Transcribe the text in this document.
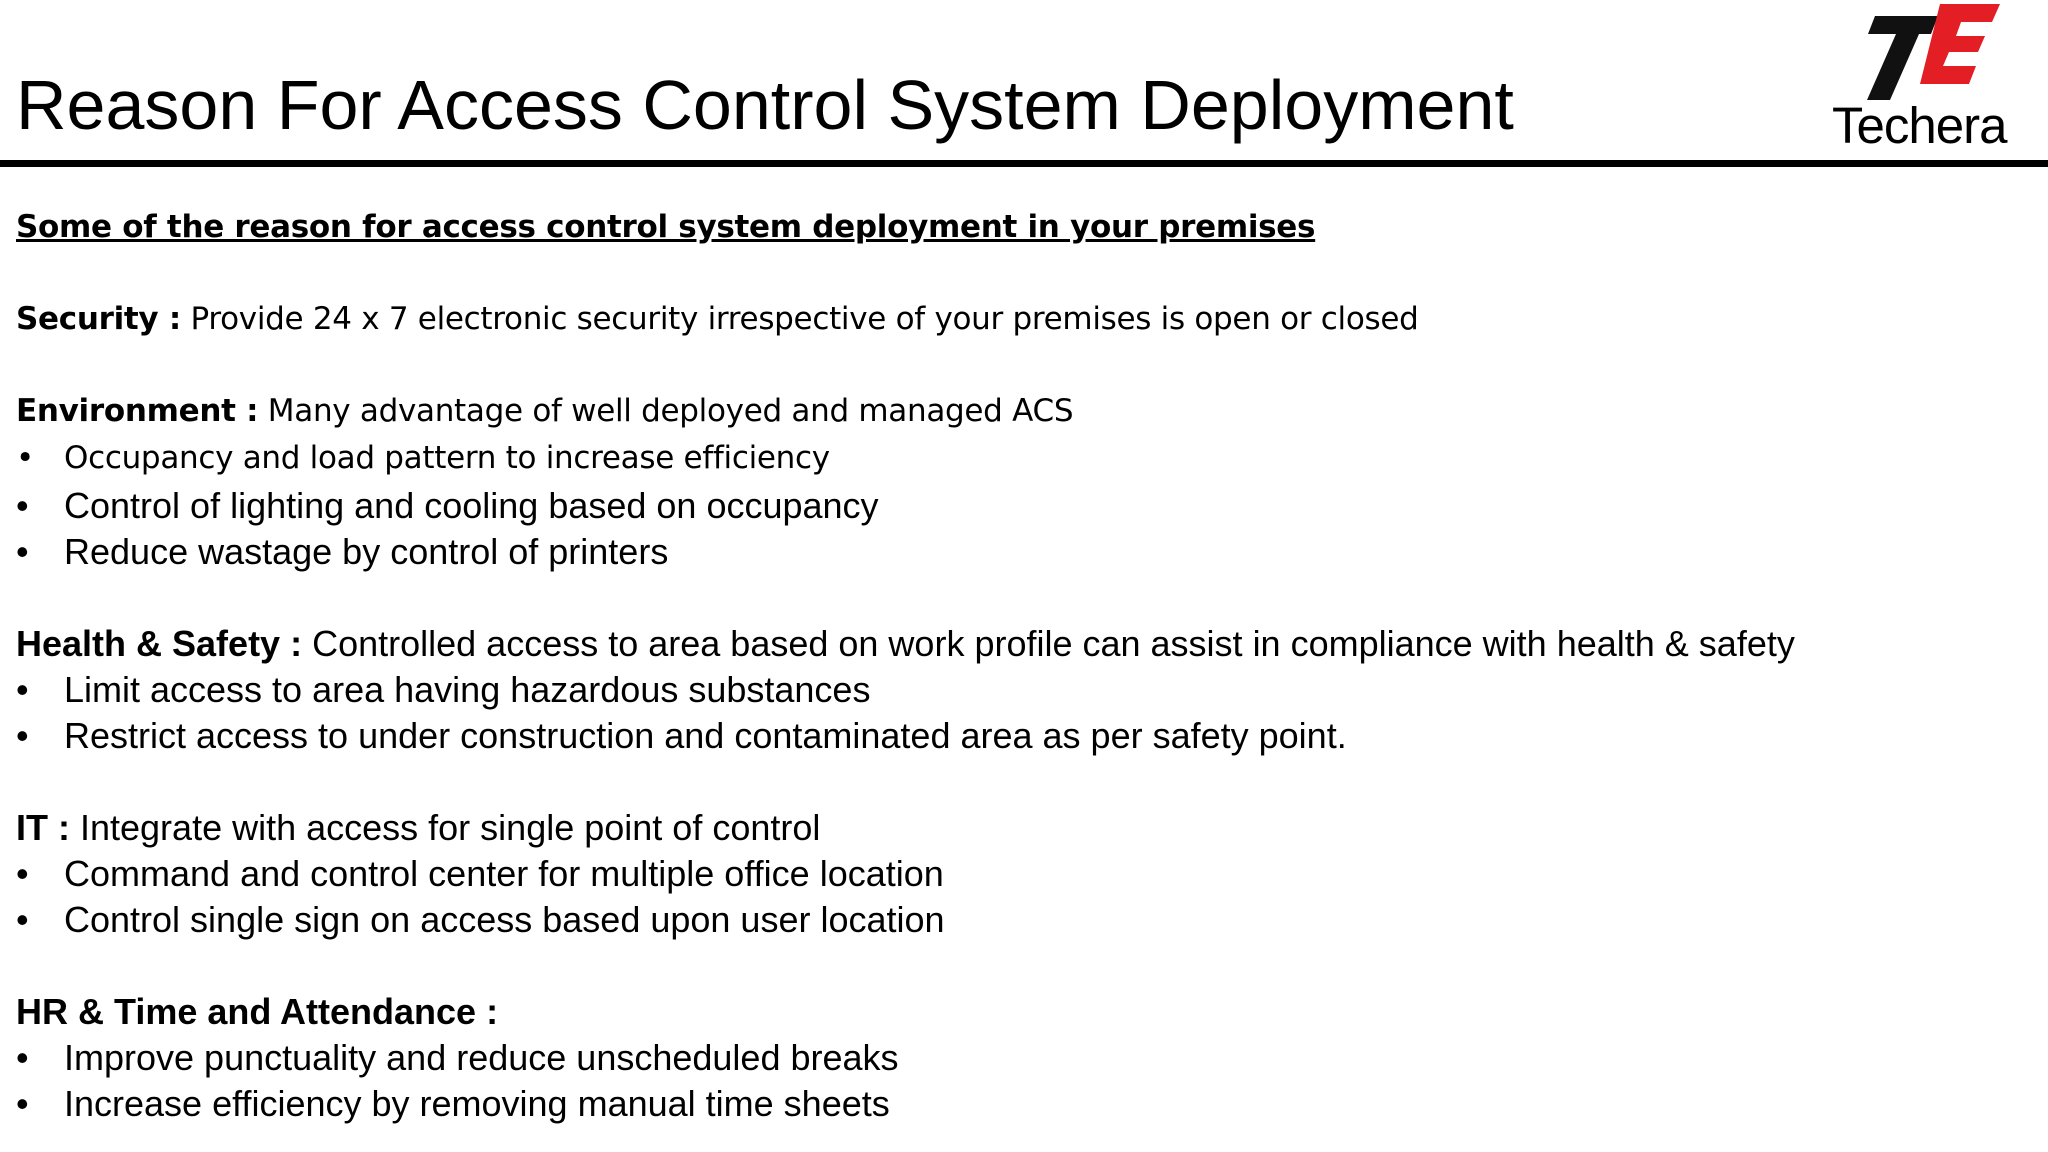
Reason For Access Control System Deployment	Techera
Some of the reason for access control system deployment in your premises
Security : Provide 24 x 7 electronic security irrespective of your premises is open or closed
Environment : Many advantage of well deployed and managed ACS
• Occupancy and load pattern to increase efficiency
• Control of lighting and cooling based on occupancy
• Reduce wastage by control of printers
Health & Safety : Controlled access to area based on work profile can assist in compliance with health & safety
• Limit access to area having hazardous substances
• Restrict access to under construction and contaminated area as per safety point.
IT : Integrate with access for single point of control
• Command and control center for multiple office location
• Control single sign on access based upon user location
HR & Time and Attendance :
• Improve punctuality and reduce unscheduled breaks
• Increase efficiency by removing manual time sheets
